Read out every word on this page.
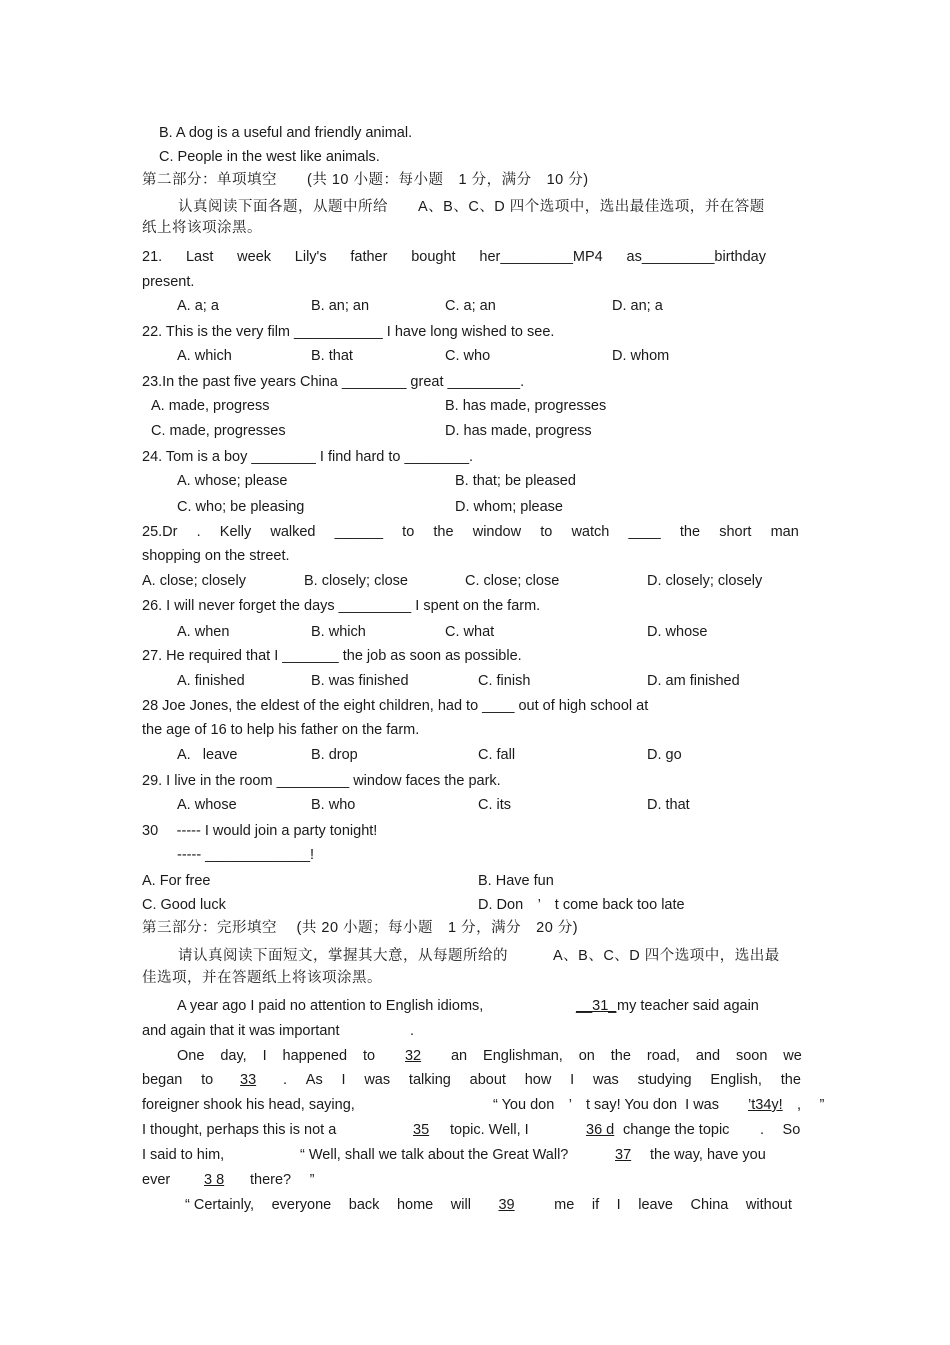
B. A dog is a useful and friendly animal.
C. People in the west like animals.
第二部分：单项填空　　(共 10 小题：每小题　1 分，满分　10 分)
认真阅读下面各题，从题中所给　　A、B、C、D 四个选项中，选出最佳选项，并在答题
纸上将该项涂黑。
21. Last week Lily's father bought her_________MP4 as_________birthday
present.
A. a; a	B. an; an	C. a; an	D. an; a
22. This is the very film ___________ I have long wished to see.
A. which	B. that	C. who	D. whom
23.In the past five years China ________ great _________.
A. made, progress	B. has made, progresses
C. made, progresses	D. has made, progress
24. Tom is a boy ________ I find hard to ________.
A. whose; please	B. that; be pleased
C. who; be pleasing	D. whom; please
25.Dr . Kelly walked ______ to the window to watch ____ the short man
shopping on the street.
A. close; closely	B. closely; close	C. close; close	D. closely; closely
26. I will never forget the days _________ I spent on the farm.
A. when	B. which	C. what	D. whose
27. He required that I _______ the job as soon as possible.
A. finished	B. was finished	C. finish	D. am finished
28 Joe Jones, the eldest of the eight children, had to ____ out of high school at
the age of 16 to help his father on the farm.
A.   leave	B. drop	C. fall	D. go
29. I live in the room _________ window faces the park.
A. whose	B. who	C. its	D. that
30　 ----- I would join a party tonight!
----- _____________!
A. For free	B. Have fun
C. Good luck	D. Don　’　t come back too late
第三部分：完形填空　 (共 20 小题；每小题　1 分，满分　20 分)
请认真阅读下面短文，掌握其大意，从每题所给的　　　A、B、C、D 四个选项中，选出最
佳选项，并在答题纸上将该项涂黑。
A year ago I paid no attention to English idioms,	__31_ my teacher said again
and again that it was important	.
One day, I happened to	32	an Englishman, on the road, and soon we
began to	33	. As I was talking about how I was studying English, the
foreigner shook his head, saying,	“ You don　’　t say! You don  I was ’t34y! ,　 ”
I thought, perhaps this is not a	35	topic. Well, I	36 d change the topic .　 So
I said to him,	“ Well, shall we talk about the Great Wall?	37	the way, have you
ever	3 8	there?　 ”
“ Certainly, everyone back home will	39	me if I leave China without
